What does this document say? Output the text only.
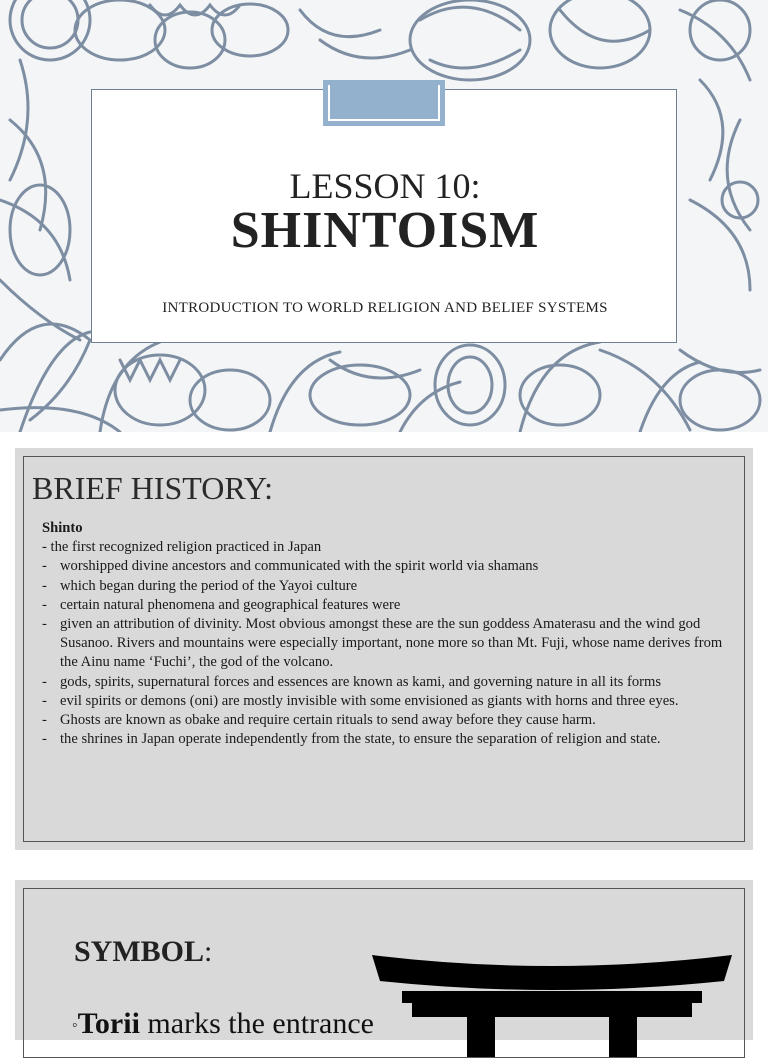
LESSON 10:
SHINTOISM
INTRODUCTION TO WORLD RELIGION AND BELIEF SYSTEMS
BRIEF HISTORY:
Shinto
- the first recognized religion practiced in Japan
- worshipped divine ancestors and communicated with the spirit world via shamans
- which began during the period of the Yayoi culture
- certain natural phenomena and geographical features were
- given an attribution of divinity. Most obvious amongst these are the sun goddess Amaterasu and the wind god Susanoo. Rivers and mountains were especially important, none more so than Mt. Fuji, whose name derives from the Ainu name ‘Fuchi’, the god of the volcano.
- gods, spirits, supernatural forces and essences are known as kami, and governing nature in all its forms
- evil spirits or demons (oni) are mostly invisible with some envisioned as giants with horns and three eyes.
- Ghosts are known as obake and require certain rituals to send away before they cause harm.
- the shrines in Japan operate independently from the state, to ensure the separation of religion and state.
SYMBOL:
◦Torii marks the entrance
